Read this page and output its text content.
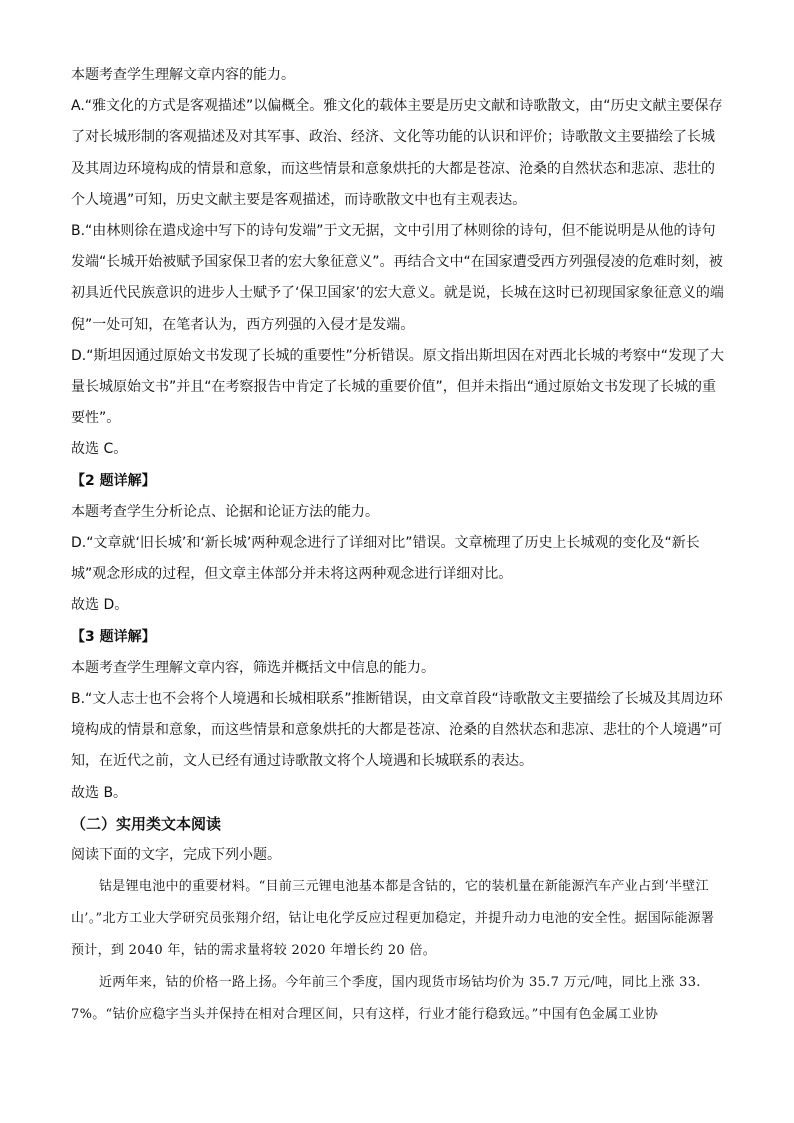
本题考查学生理解文章内容的能力。

A.“雅文化的方式是客观描述”以偏概全。雅文化的载体主要是历史文献和诗歌散文，由“历史文献主要保存了对长城形制的客观描述及对其军事、政治、经济、文化等功能的认识和评价；诗歌散文主要描绘了长城及其周边环境构成的情景和意象，而这些情景和意象烘托的大都是苍凉、沧桑的自然状态和悲凉、悲壮的个人境遇”可知，历史文献主要是客观描述，而诗歌散文中也有主观表达。

B.“由林则徐在遣戍途中写下的诗句发端”于文无据，文中引用了林则徐的诗句，但不能说明是从他的诗句发端“长城开始被赋予国家保卫者的宏大象征意义”。再结合文中“在国家遭受西方列强侵凌的危难时刻，被初具近代民族意识的进步人士赋予了‘保卫国家’的宏大意义。就是说，长城在这时已初现国家象征意义的端倪”一处可知，在笔者认为，西方列强的入侵才是发端。

D.“斯坦因通过原始文书发现了长城的重要性”分析错误。原文指出斯坦因在对西北长城的考察中“发现了大量长城原始文书”并且“在考察报告中肯定了长城的重要价值”，但并未指出“通过原始文书发现了长城的重要性”。

故选 C。

【2 题详解】

本题考查学生分析论点、论据和论证方法的能力。

D.“文章就‘旧长城’和‘新长城’两种观念进行了详细对比”错误。文章梳理了历史上长城观的变化及“新长城”观念形成的过程，但文章主体部分并未将这两种观念进行详细对比。

故选 D。

【3 题详解】

本题考查学生理解文章内容，筛选并概括文中信息的能力。

B.“文人志士也不会将个人境遇和长城相联系”推断错误，由文章首段“诗歌散文主要描绘了长城及其周边环境构成的情景和意象，而这些情景和意象烘托的大都是苍凉、沧桑的自然状态和悲凉、悲壮的个人境遇”可知，在近代之前，文人已经有通过诗歌散文将个人境遇和长城联系的表达。

故选 B。

（二）实用类文本阅读

阅读下面的文字，完成下列小题。

钴是锂电池中的重要材料。“目前三元锂电池基本都是含钴的，它的装机量在新能源汽车产业占到‘半壁江山’。”北方工业大学研究员张翔介绍，钴让电化学反应过程更加稳定，并提升动力电池的安全性。据国际能源署预计，到 2040 年，钴的需求量将较 2020 年增长约 20 倍。

近两年来，钴的价格一路上扬。今年前三个季度，国内现货市场钴均价为 35.7 万元/吨，同比上涨 33.7%。“钴价应稳字当头并保持在相对合理区间，只有这样，行业才能行稳致远。”中国有色金属工业协
